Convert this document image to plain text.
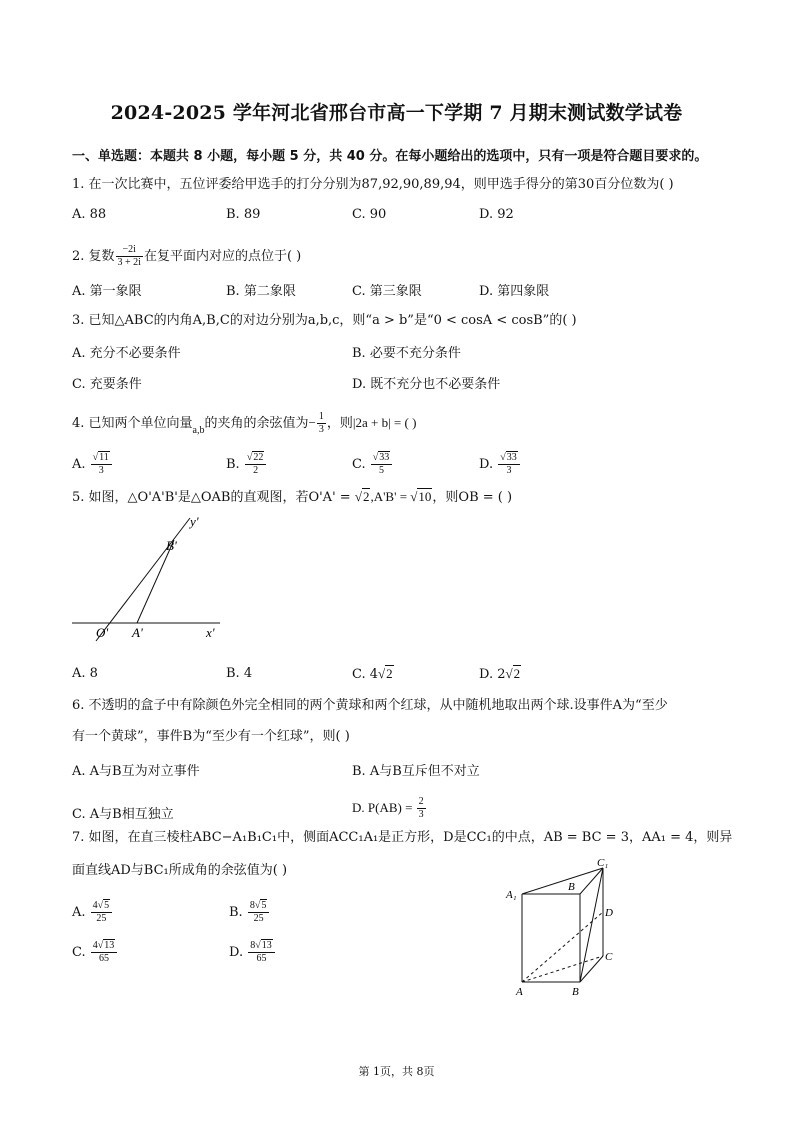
2024-2025 学年河北省邢台市高一下学期 7 月期末测试数学试卷
一、单选题：本题共 8 小题，每小题 5 分，共 40 分。在每小题给出的选项中，只有一项是符合题目要求的。
1. 在一次比赛中，五位评委给甲选手的打分分别为87,92,90,89,94，则甲选手得分的第30百分位数为( )
A. 88	B. 89	C. 90	D. 92
2. 复数 $\frac{-2i}{3 + 2i}$ 在复平面内对应的点位于( )
A. 第一象限	B. 第二象限	C. 第三象限	D. 第四象限
3. 已知△ABC的内角A,B,C的对边分别为a,b,c，则“a > b”是“0 < cosA < cosB”的( )
A. 充分不必要条件	B. 必要不充分条件
C. 充要条件	D. 既不充分也不必要条件
4. 已知两个单位向量$_{a,b}$的夹角的余弦值为− $\frac{1}{3}$ ，则|2a + b| = ( )
A. $\frac{√11}{3}$	B. $\frac{√22}{2}$	C. $\frac{√33}{5}$	D. $\frac{√33}{3}$
5. 如图，△O'A'B'是△OAB的直观图，若O'A' = √2,A'B' = √10，则OB = ( )
y'
B'
O' A'	x'
A. 8	B. 4	C. 4√2	D. 2√2
6. 不透明的盒子中有除颜色外完全相同的两个黄球和两个红球，从中随机地取出两个球.设事件A为“至少
有一个黄球”，事件B为“至少有一个红球”，则( )
A. A与B互为对立事件	B. A与B互斥但不对立
C. A与B相互独立	D. $P(AB) = \frac{2}{3}$
7. 如图，在直三棱柱ABC−A₁B₁C₁中，侧面ACC₁A₁是正方形，D是CC₁的中点，AB = BC = 3，AA₁ = 4，则异
面直线AD与BC₁所成角的余弦值为( )
A. $\frac{4√5}{25}$	B. $\frac{8√5}{25}$
C. $\frac{4√13}{65}$	D. $\frac{8√13}{65}$
C₁
A₁
B
D
C
A	B
第 1页，共 8页
